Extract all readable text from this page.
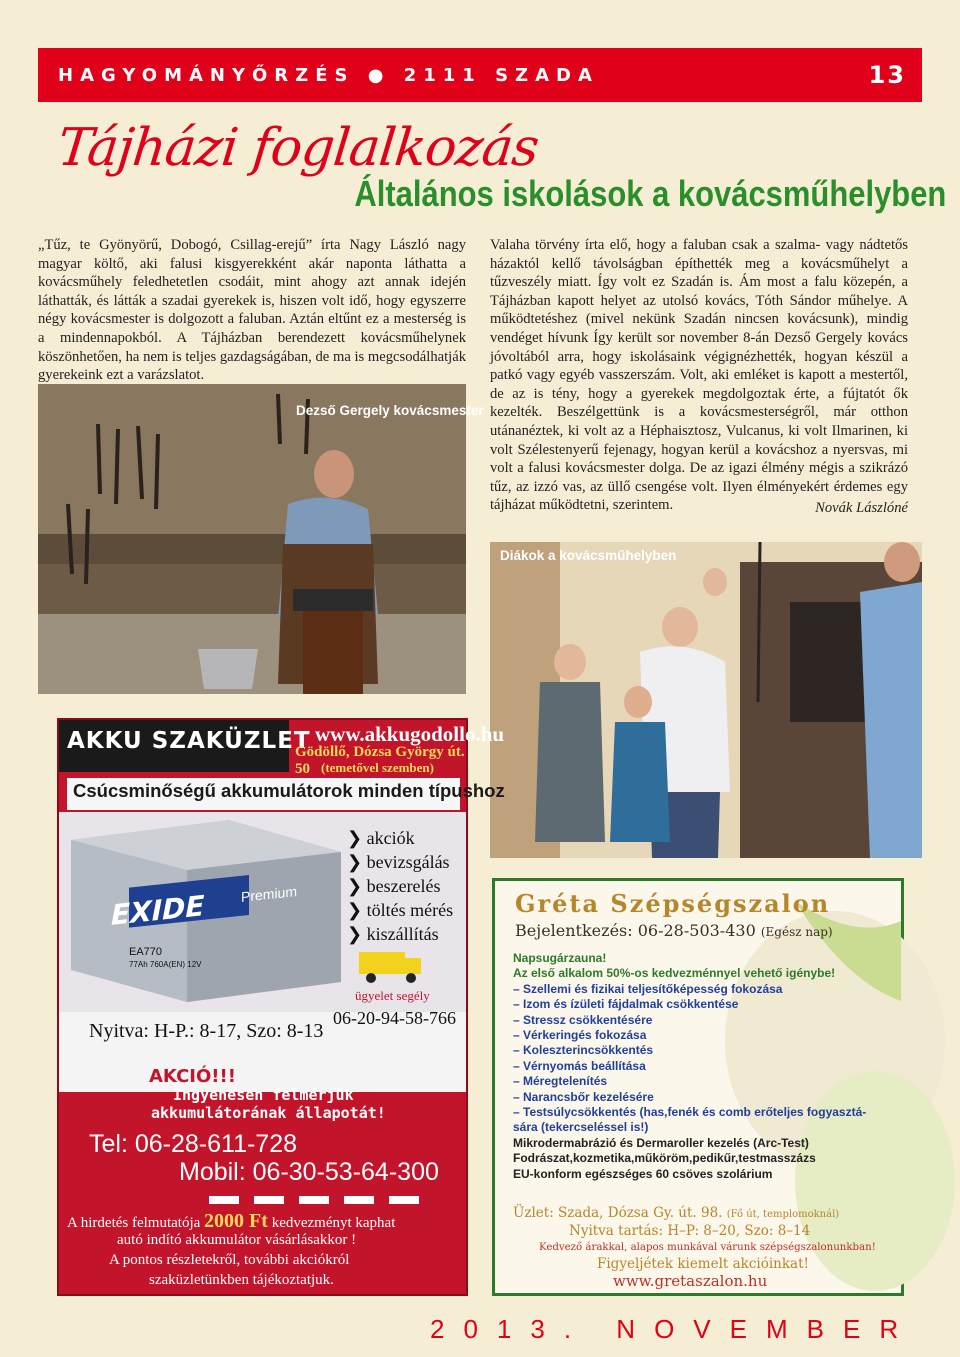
HAGYOMÁNYŐRZÉS ● 2111 SZADA	13
Tájházi foglalkozás
Általános iskolások a kovácsműhelyben
„Tűz, te Gyönyörű, Dobogó, Csillag-erejű” írta Nagy László nagy magyar költő, aki falusi kisgyerekként akár naponta láthatta a kovácsműhely feledhetetlen csodáit, mint ahogy azt annak idején láthatták, és látták a szadai gyerekek is, hiszen volt idő, hogy egyszerre négy kovácsmester is dolgozott a faluban. Aztán eltűnt ez a mesterség is a mindennapokból. A Tájházban berendezett kovácsműhelynek köszönhetően, ha nem is teljes gazdagságában, de ma is megcsodálhatják gyerekeink ezt a varázslatot.
Valaha törvény írta elő, hogy a faluban csak a szalma- vagy nádtetős házaktól kellő távolságban építhették meg a kovácsműhelyt a tűzveszély miatt. Így volt ez Szadán is. Ám most a falu közepén, a Tájházban kapott helyet az utolsó kovács, Tóth Sándor műhelye. A működtetéshez (mivel nekünk Szadán nincsen kovácsunk), mindig vendéget hívunk Így került sor november 8-án Dezső Gergely kovács jóvoltából arra, hogy iskolásaink végignézhették, hogyan készül a patkó vagy egyéb vasszerszám. Volt, aki emléket is kapott a mestertől, de az is tény, hogy a gyerekek megdolgoztak érte, a fújtatót ők kezelték. Beszélgettünk is a kovácsmesterségről, már otthon utánanéztek, ki volt az a Héphaisztosz, Vulcanus, ki volt Ilmarinen, ki volt Szélestenyerű fejenagy, hogyan kerül a kovácshoz a nyersvas, mi volt a falusi kovácsmester dolga. De az igazi élmény mégis a szikrázó tűz, az izzó vas, az üllő csengése volt. Ilyen élményekért érdemes egy tájházat működtetni, szerintem.	Novák Lászlóné
Dezső Gergely kovácsmester
Diákok a kovácsműhelyben
AKKU SZAKÜZLET www.akkugodollo.hu
Gödöllő, Dózsa György út. 50 (temetővel szemben)
Csúcsminőségű akkumulátorok minden típushoz
EXIDE	Premium
EA770
77Ah 760A(EN) 12V
❯ akciók
❯ bevizsgálás
❯ beszerelés
❯ töltés mérés
❯ kiszállítás
ügyelet segély
06-20-94-58-766
Nyitva: H-P.: 8-17, Szo: 8-13
AKCIÓ!!!
Ingyenesen felmérjük
akkumulátorának állapotát!
Tel: 06-28-611-728
Mobil: 06-30-53-64-300
A hirdetés felmutatója 2000 Ft kedvezményt kaphat
autó indító akkumulátor vásárlásakkor !
A pontos részletekről, további akciókról
szaküzletünkben tájékoztatjuk.
Gréta Szépségszalon
Bejelentkezés: 06-28-503-430 (Egész nap)
Napsugárzauna!
Az első alkalom 50%-os kedvezménnyel vehető igénybe!
– Szellemi és fizikai teljesítőképesség fokozása
– Izom és ízületi fájdalmak csökkentése
– Stressz csökkentésére
– Vérkeringés fokozása
– Koleszterincsökkentés
– Vérnyomás beállítása
– Méregtelenítés
– Narancsbőr kezelésére
– Testsúlycsökkentés (has,fenék és comb erőteljes fogyasztá-
sára (tekercseléssel is!)
Mikrodermabrázió és Dermaroller kezelés (Arc-Test)
Fodrászat,kozmetika,műköröm,pedikűr,testmasszázs
EU-konform egészséges 60 csöves szolárium
Üzlet: Szada, Dózsa Gy. út. 98. (Fő út, templomoknál)
Nyitva tartás: H–P: 8–20, Szo: 8–14
Kedvező árakkal, alapos munkával várunk szépségszalonunkban!
Figyeljétek kiemelt akcióinkat!
www.gretaszalon.hu
2013. NOVEMBER
